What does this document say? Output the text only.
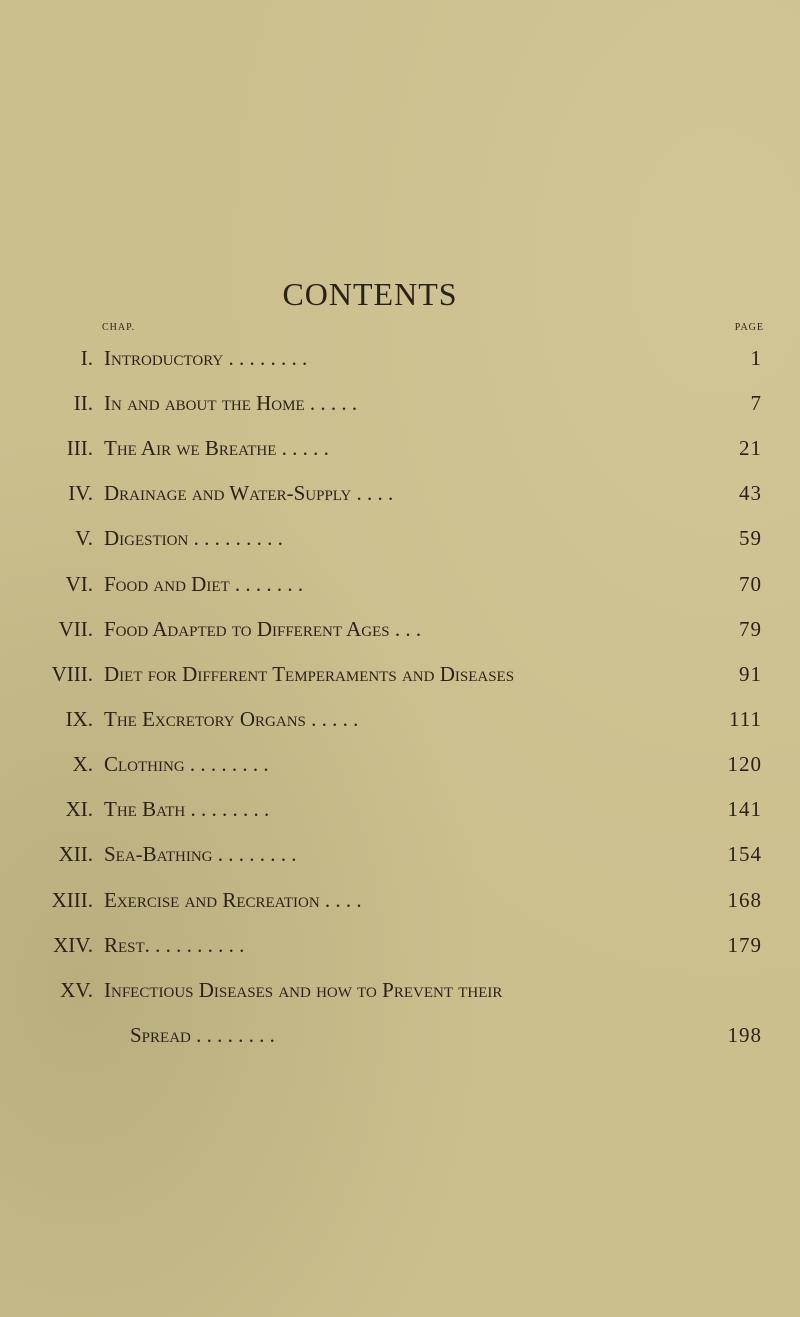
CONTENTS
CHAP.	PAGE
I. Introductory . . . . . . . .	1
II. In and about the Home . . . . .	7
III. The Air we Breathe . . . . .	21
IV. Drainage and Water-Supply . . . .	43
V. Digestion . . . . . . . . .	59
VI. Food and Diet . . . . . . .	70
VII. Food Adapted to Different Ages . . .	79
VIII. Diet for Different Temperaments and Diseases	91
IX. The Excretory Organs . . . . .	111
X. Clothing . . . . . . . .	120
XI. The Bath . . . . . . . .	141
XII. Sea-Bathing . . . . . . . .	154
XIII. Exercise and Recreation . . . .	168
XIV. Rest. . . . . . . . . .	179
XV. Infectious Diseases and how to Prevent their
Spread . . . . . . . .	198
